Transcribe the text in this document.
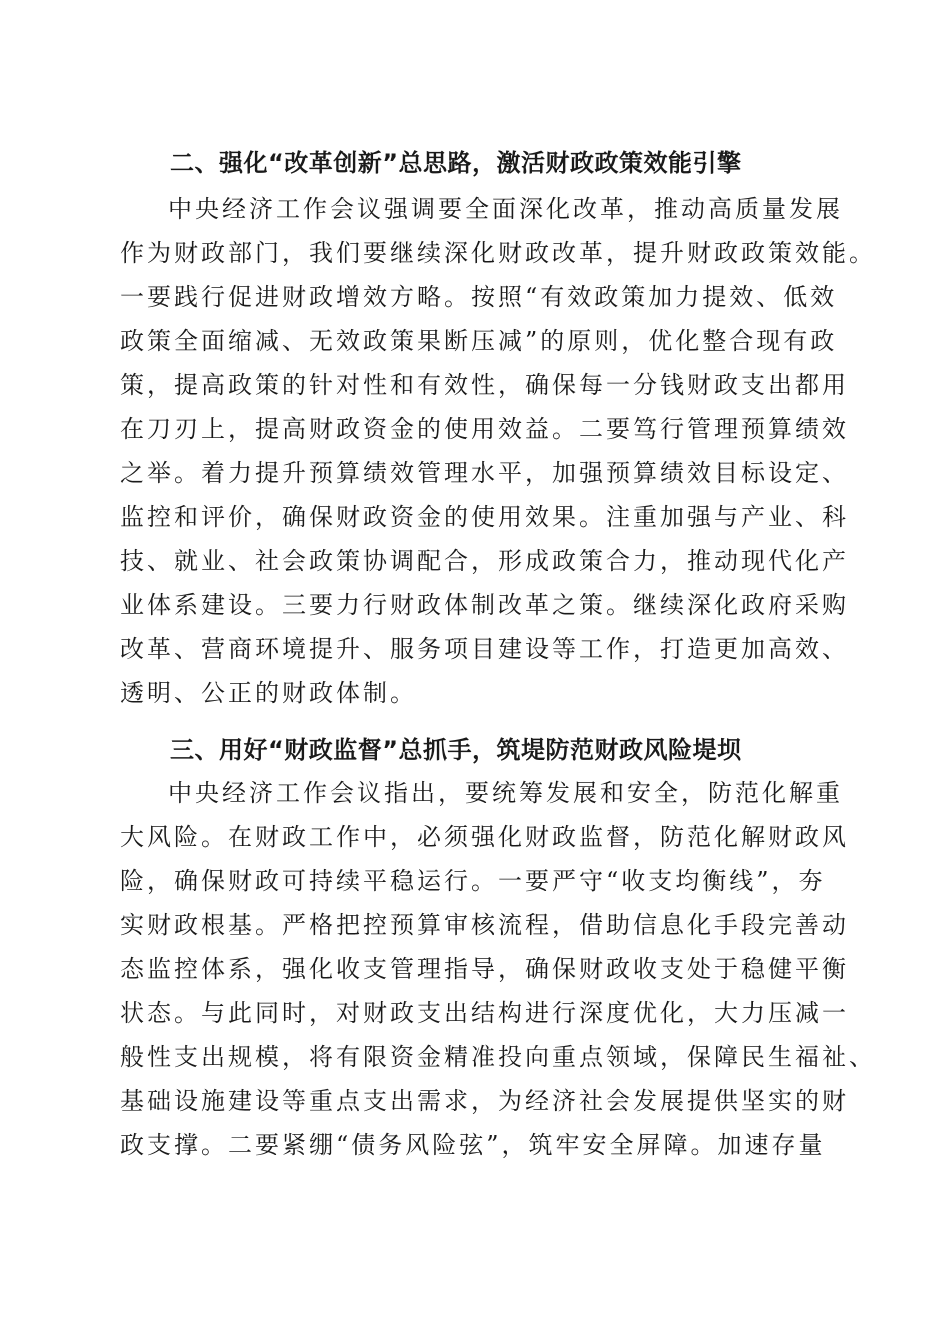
二、强化“改革创新”总思路，激活财政政策效能引擎
中央经济工作会议强调要全面深化改革，推动高质量发展
作为财政部门，我们要继续深化财政改革，提升财政政策效能。
一要践行促进财政增效方略。按照“有效政策加力提效、低效
政策全面缩减、无效政策果断压减”的原则，优化整合现有政
策，提高政策的针对性和有效性，确保每一分钱财政支出都用
在刀刃上，提高财政资金的使用效益。二要笃行管理预算绩效
之举。着力提升预算绩效管理水平，加强预算绩效目标设定、
监控和评价，确保财政资金的使用效果。注重加强与产业、科
技、就业、社会政策协调配合，形成政策合力，推动现代化产
业体系建设。三要力行财政体制改革之策。继续深化政府采购
改革、营商环境提升、服务项目建设等工作，打造更加高效、
透明、公正的财政体制。
三、用好“财政监督”总抓手，筑堤防范财政风险堤坝
中央经济工作会议指出，要统筹发展和安全，防范化解重
大风险。在财政工作中，必须强化财政监督，防范化解财政风
险，确保财政可持续平稳运行。一要严守“收支均衡线”，夯
实财政根基。严格把控预算审核流程，借助信息化手段完善动
态监控体系，强化收支管理指导，确保财政收支处于稳健平衡
状态。与此同时，对财政支出结构进行深度优化，大力压减一
般性支出规模，将有限资金精准投向重点领域，保障民生福祉、
基础设施建设等重点支出需求，为经济社会发展提供坚实的财
政支撑。二要紧绷“债务风险弦”，筑牢安全屏障。加速存量
